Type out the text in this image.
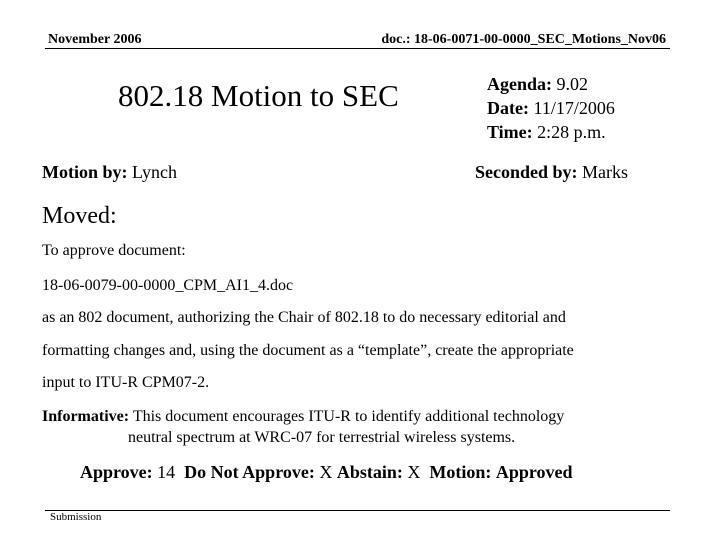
November 2006	doc.: 18-06-0071-00-0000_SEC_Motions_Nov06
802.18 Motion to SEC	Agenda: 9.02
Date: 11/17/2006
Time: 2:28 p.m.
Motion by: Lynch	Seconded by: Marks
Moved:
To approve document:
18-06-0079-00-0000_CPM_AI1_4.doc
as an 802 document, authorizing the Chair of 802.18 to do necessary editorial and
formatting changes and, using the document as a “template”, create the appropriate
input to ITU-R CPM07-2.
Informative: This document encourages ITU-R to identify additional technology
neutral spectrum at WRC-07 for terrestrial wireless systems.
Approve: 14 Do Not Approve: X Abstain: X Motion: Approved
Submission
